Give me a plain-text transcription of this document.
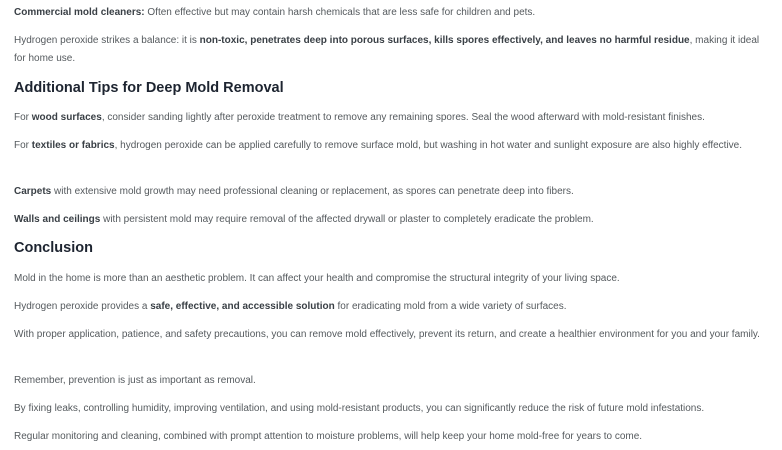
Commercial mold cleaners: Often effective but may contain harsh chemicals that are less safe for children and pets.

Hydrogen peroxide strikes a balance: it is non-toxic, penetrates deep into porous surfaces, kills spores effectively, and leaves no harmful residue, making it ideal for home use.

Additional Tips for Deep Mold Removal

For wood surfaces, consider sanding lightly after peroxide treatment to remove any remaining spores. Seal the wood afterward with mold-resistant finishes.

For textiles or fabrics, hydrogen peroxide can be applied carefully to remove surface mold, but washing in hot water and sunlight exposure are also highly effective.

Carpets with extensive mold growth may need professional cleaning or replacement, as spores can penetrate deep into fibers.

Walls and ceilings with persistent mold may require removal of the affected drywall or plaster to completely eradicate the problem.

Conclusion

Mold in the home is more than an aesthetic problem. It can affect your health and compromise the structural integrity of your living space.

Hydrogen peroxide provides a safe, effective, and accessible solution for eradicating mold from a wide variety of surfaces.

With proper application, patience, and safety precautions, you can remove mold effectively, prevent its return, and create a healthier environment for you and your family.

Remember, prevention is just as important as removal.

By fixing leaks, controlling humidity, improving ventilation, and using mold-resistant products, you can significantly reduce the risk of future mold infestations.

Regular monitoring and cleaning, combined with prompt attention to moisture problems, will help keep your home mold-free for years to come.
